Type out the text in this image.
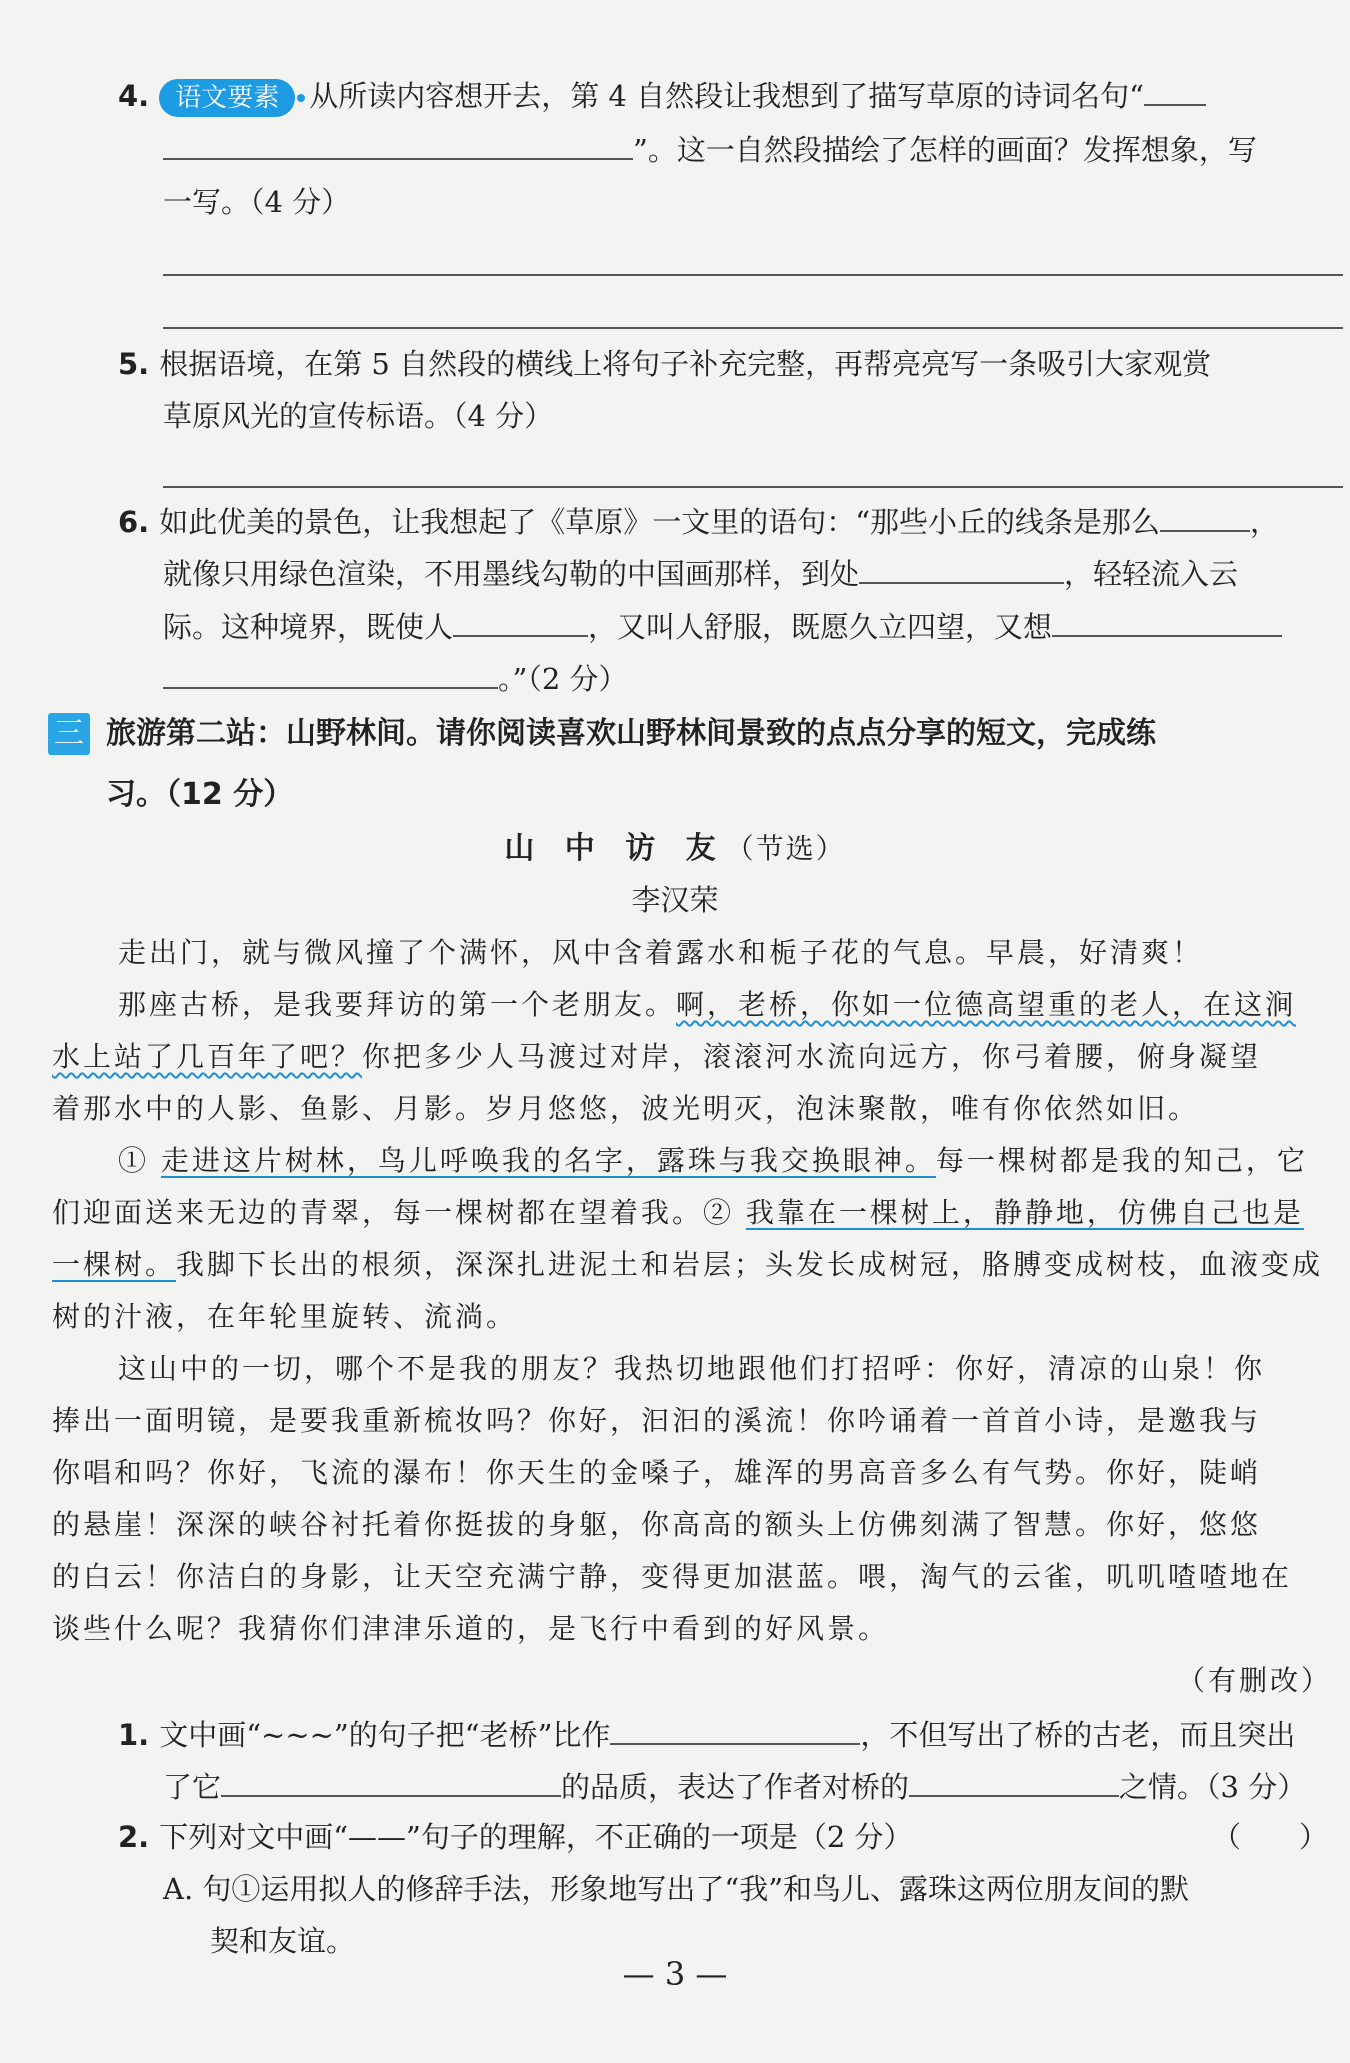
4. 语文要素 从所读内容想开去，第 4 自然段让我想到了描写草原的诗词名句“
”。这一自然段描绘了怎样的画面？发挥想象，写
一写。（4 分）
5. 根据语境，在第 5 自然段的横线上将句子补充完整，再帮亮亮写一条吸引大家观赏
草原风光的宣传标语。（4 分）
6. 如此优美的景色，让我想起了《草原》一文里的语句：“那些小丘的线条是那么	，
就像只用绿色渲染，不用墨线勾勒的中国画那样，到处	，轻轻流入云
际。这种境界，既使人	，又叫人舒服，既愿久立四望，又想
。”（2 分）
三 旅游第二站：山野林间。请你阅读喜欢山野林间景致的点点分享的短文，完成练
习。（12 分）
山 中 访 友（节选）
李汉荣
走出门，就与微风撞了个满怀，风中含着露水和栀子花的气息。早晨，好清爽！
那座古桥，是我要拜访的第一个老朋友。啊，老桥，你如一位德高望重的老人，在这涧
水上站了几百年了吧？你把多少人马渡过对岸，滚滚河水流向远方，你弓着腰，俯身凝望
着那水中的人影、鱼影、月影。岁月悠悠，波光明灭，泡沫聚散，唯有你依然如旧。
① 走进这片树林，鸟儿呼唤我的名字，露珠与我交换眼神。每一棵树都是我的知己，它
们迎面送来无边的青翠，每一棵树都在望着我。② 我靠在一棵树上，静静地，仿佛自己也是
一棵树。我脚下长出的根须，深深扎进泥土和岩层；头发长成树冠，胳膊变成树枝，血液变成
树的汁液，在年轮里旋转、流淌。
这山中的一切，哪个不是我的朋友？我热切地跟他们打招呼：你好，清凉的山泉！你
捧出一面明镜，是要我重新梳妆吗？你好，汩汩的溪流！你吟诵着一首首小诗，是邀我与
你唱和吗？你好，飞流的瀑布！你天生的金嗓子，雄浑的男高音多么有气势。你好，陡峭
的悬崖！深深的峡谷衬托着你挺拔的身躯，你高高的额头上仿佛刻满了智慧。你好，悠悠
的白云！你洁白的身影，让天空充满宁静，变得更加湛蓝。喂，淘气的云雀，叽叽喳喳地在
谈些什么呢？我猜你们津津乐道的，是飞行中看到的好风景。
（有删改）
1. 文中画“~~~”的句子把“老桥”比作	，不但写出了桥的古老，而且突出
了它	的品质，表达了作者对桥的	之情。（3 分）
2. 下列对文中画“——”句子的理解，不正确的一项是（2 分）	（　　）
A. 句①运用拟人的修辞手法，形象地写出了“我”和鸟儿、露珠这两位朋友间的默
契和友谊。
— 3 —
